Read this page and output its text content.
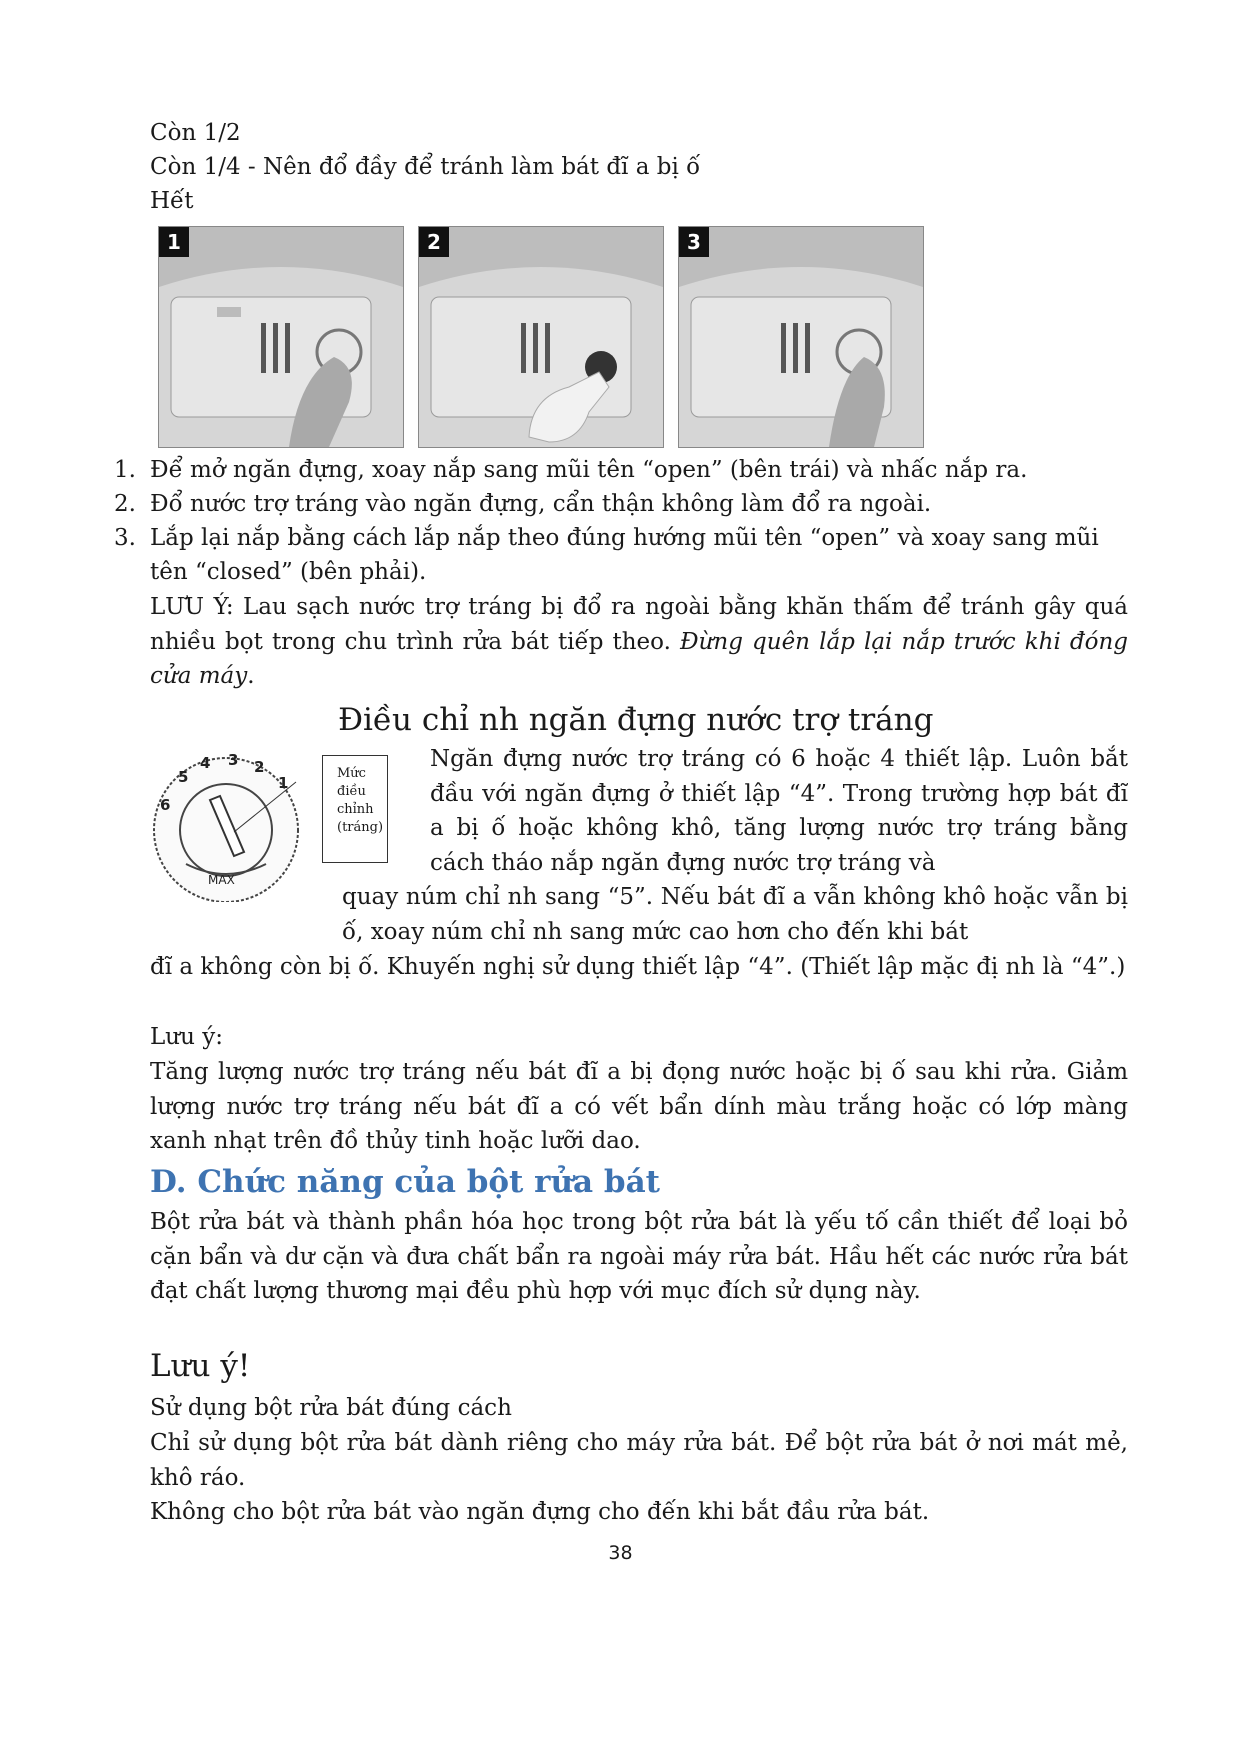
Còn 1/2
Còn 1/4 - Nên đổ đầy để tránh làm bát đĩ a bị ố
Hết
1	2	3
1. Để mở ngăn đựng, xoay nắp sang mũi tên “open” (bên trái) và nhấc nắp ra.
2. Đổ nước trợ tráng vào ngăn đựng, cẩn thận không làm đổ ra ngoài.
3. Lắp lại nắp bằng cách lắp nắp theo đúng hướng mũi tên “open” và xoay sang mũi tên “closed” (bên phải).
LƯU Ý: Lau sạch nước trợ tráng bị đổ ra ngoài bằng khăn thấm để tránh gây quá nhiều bọt trong chu trình rửa bát tiếp theo. Đừng quên lắp lại nắp trước khi đóng cửa máy.
Điều chỉ nh ngăn đựng nước trợ tráng
6
5
4 3 2
1
MAX
Mức
điều
chỉnh
(tráng)
Ngăn đựng nước trợ tráng có 6 hoặc 4 thiết lập. Luôn bắt đầu với ngăn đựng ở thiết lập “4”. Trong trường hợp bát đĩ a bị ố hoặc không khô, tăng lượng nước trợ tráng bằng cách tháo nắp ngăn đựng nước trợ tráng và
quay núm chỉ nh sang “5”. Nếu bát đĩ a vẫn không khô hoặc vẫn bị ố, xoay núm chỉ nh sang mức cao hơn cho đến khi bát
đĩ a không còn bị ố. Khuyến nghị sử dụng thiết lập “4”. (Thiết lập mặc đị nh là “4”.)
Lưu ý:
Tăng lượng nước trợ tráng nếu bát đĩ a bị đọng nước hoặc bị ố sau khi rửa. Giảm lượng nước trợ tráng nếu bát đĩ a có vết bẩn dính màu trắng hoặc có lớp màng xanh nhạt trên đồ thủy tinh hoặc lưỡi dao.
D. Chức năng của bột rửa bát
Bột rửa bát và thành phần hóa học trong bột rửa bát là yếu tố cần thiết để loại bỏ cặn bẩn và dư cặn và đưa chất bẩn ra ngoài máy rửa bát. Hầu hết các nước rửa bát đạt chất lượng thương mại đều phù hợp với mục đích sử dụng này.
Lưu ý!
Sử dụng bột rửa bát đúng cách
Chỉ sử dụng bột rửa bát dành riêng cho máy rửa bát. Để bột rửa bát ở nơi mát mẻ, khô ráo.
Không cho bột rửa bát vào ngăn đựng cho đến khi bắt đầu rửa bát.
38
